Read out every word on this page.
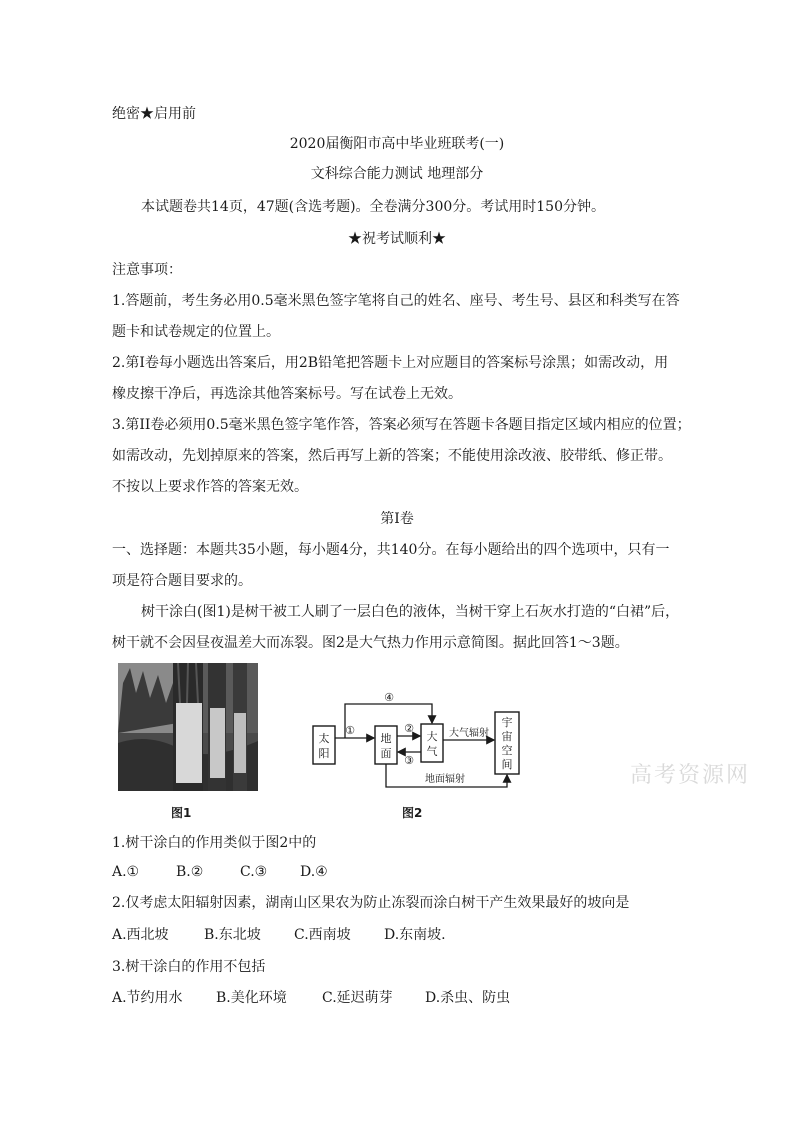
绝密★启用前
2020届衡阳市高中毕业班联考(一)
文科综合能力测试 地理部分
本试题卷共14页，47题(含选考题)。全卷满分300分。考试用时150分钟。
★祝考试顺利★
注意事项：
1.答题前，考生务必用0.5毫米黑色签字笔将自己的姓名、座号、考生号、县区和科类写在答
题卡和试卷规定的位置上。
2.第Ⅰ卷每小题选出答案后，用2B铅笔把答题卡上对应题目的答案标号涂黑；如需改动，用
橡皮擦干净后，再选涂其他答案标号。写在试卷上无效。
3.第II卷必须用0.5毫米黑色签字笔作答，答案必须写在答题卡各题目指定区域内相应的位置；
如需改动，先划掉原来的答案，然后再写上新的答案；不能使用涂改液、胶带纸、修正带。
不按以上要求作答的答案无效。
第Ⅰ卷
一、选择题：本题共35小题，每小题4分，共140分。在每小题给出的四个选项中，只有一
项是符合题目要求的。
树干涂白(图1)是树干被工人刷了一层白色的液体，当树干穿上石灰水打造的“白裙”后，
树干就不会因昼夜温差大而冻裂。图2是大气热力作用示意简图。据此回答1～3题。
图1
太
阳
地
面
大
气
宇
宙
空
间
①
④
②
③
大气辐射
地面辐射
图2
高考资源网
1.树干涂白的作用类似于图2中的
A.①	B.②	C.③ D.④
2.仅考虑太阳辐射因素，湖南山区果农为防止冻裂而涂白树干产生效果最好的坡向是
A.西北坡	B.东北坡 C.西南坡 D.东南坡.
3.树干涂白的作用不包括
A.节约用水 B.美化环境	C.延迟萌芽 D.杀虫、防虫
